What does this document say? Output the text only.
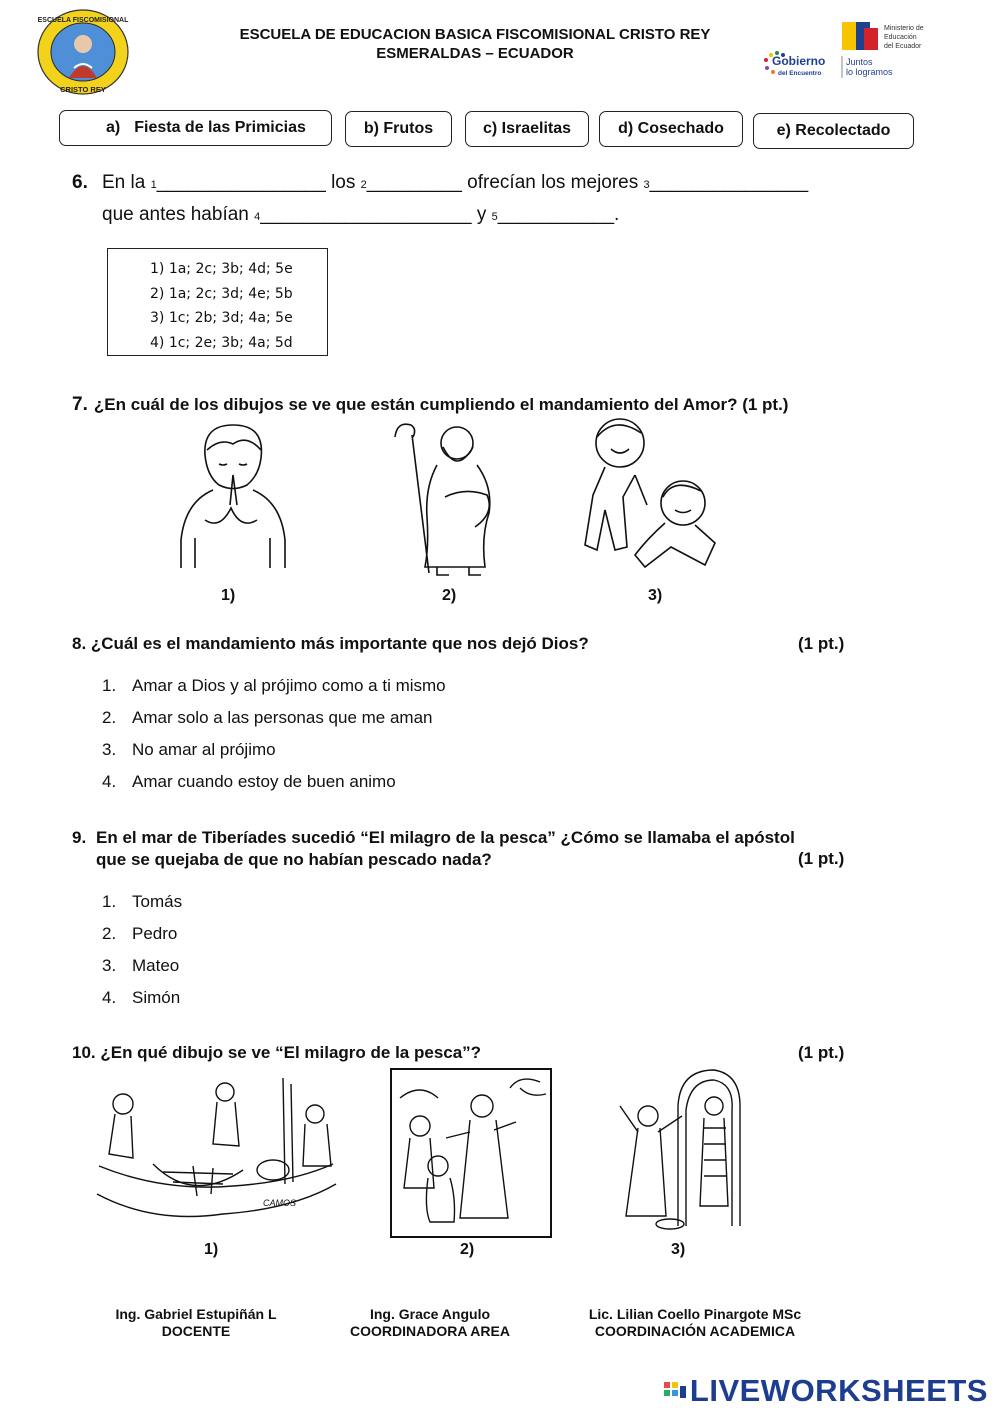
ESCUELA FISCOMISIONAL
CRISTO REY
ESCUELA DE EDUCACION BASICA FISCOMISIONAL CRISTO REY
ESMERALDAS – ECUADOR
Ministerio de
Educación
del Ecuador
Gobierno
del Encuentro
Juntos
lo logramos
a) Fiesta de las Primicias	b) Frutos	c) Israelitas	d) Cosechado	e) Recolectado
6. En la 1________________ los 2_________ ofrecían los mejores 3_______________
que antes habían 4____________________ y 5___________.
1) 1a; 2c; 3b; 4d; 5e
2) 1a; 2c; 3d; 4e; 5b
3) 1c; 2b; 3d; 4a; 5e
4) 1c; 2e; 3b; 4a; 5d
7. ¿En cuál de los dibujos se ve que están cumpliendo el mandamiento del Amor? (1 pt.)
1)	2)	3)
8. ¿Cuál es el mandamiento más importante que nos dejó Dios?	(1 pt.)
1. Amar a Dios y al prójimo como a ti mismo
2. Amar solo a las personas que me aman
3. No amar al prójimo
4. Amar cuando estoy de buen animo
9. En el mar de Tiberíades sucedió “El milagro de la pesca” ¿Cómo se llamaba el apóstol
que se quejaba de que no habían pescado nada?	(1 pt.)
1. Tomás
2. Pedro
3. Mateo
4. Simón
10. ¿En qué dibujo se ve “El milagro de la pesca”?	(1 pt.)
CAMOS
1)	2)	3)
Ing. Gabriel Estupiñán L
DOCENTE
Ing. Grace Angulo
COORDINADORA AREA
Lic. Lilian Coello Pinargote MSc
COORDINACIÓN ACADEMICA
LIVEWORKSHEETS
